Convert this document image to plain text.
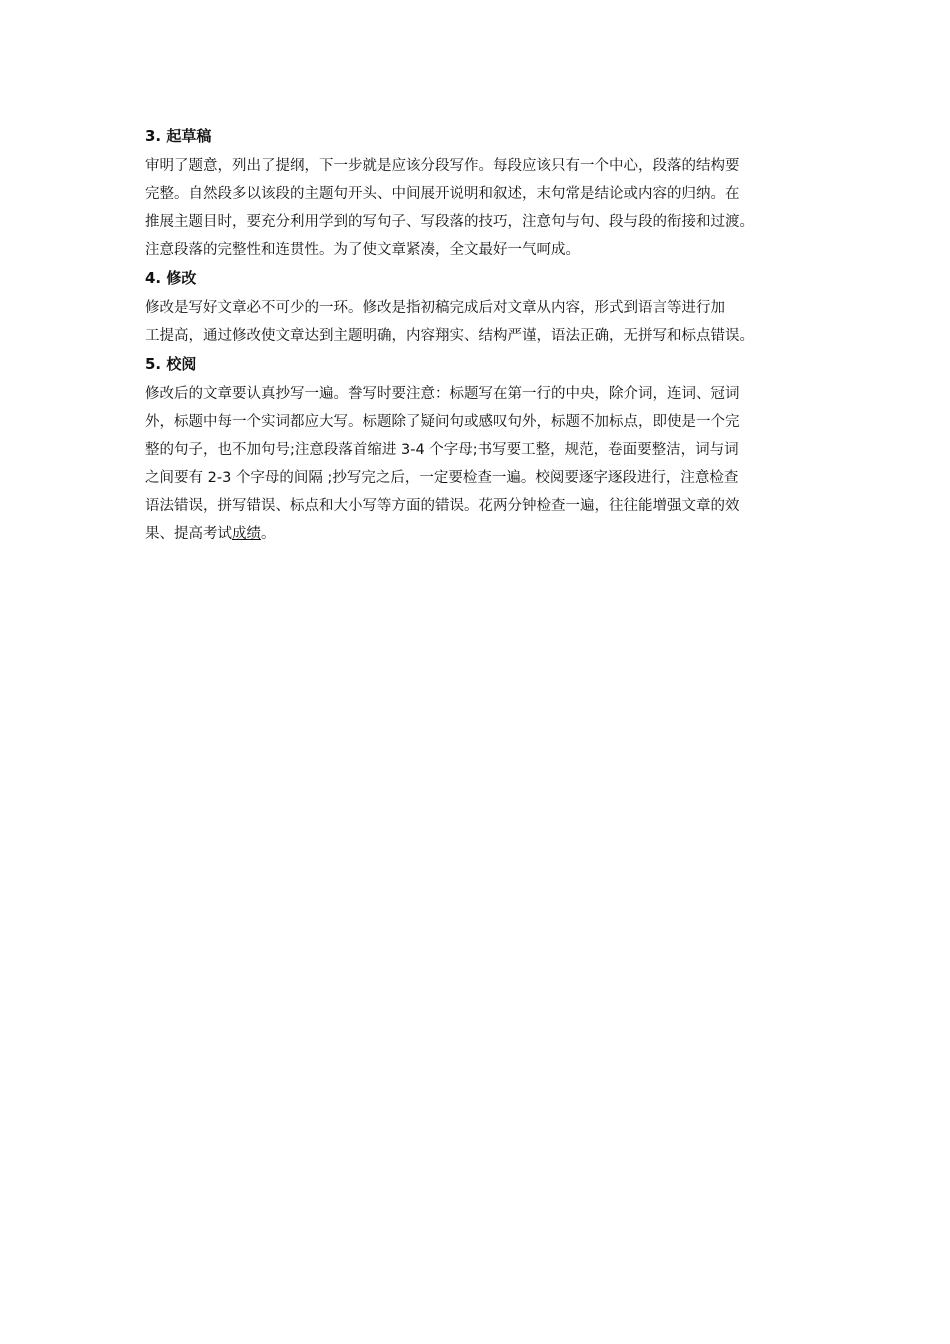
3. 起草稿
审明了题意，列出了提纲，下一步就是应该分段写作。每段应该只有一个中心，段落的结构要
完整。自然段多以该段的主题句开头、中间展开说明和叙述，末句常是结论或内容的归纳。在
推展主题目时，要充分利用学到的写句子、写段落的技巧，注意句与句、段与段的衔接和过渡。
注意段落的完整性和连贯性。为了使文章紧凑，全文最好一气呵成。
4. 修改
修改是写好文章必不可少的一环。修改是指初稿完成后对文章从内容，形式到语言等进行加
工提高，通过修改使文章达到主题明确，内容翔实、结构严谨，语法正确，无拼写和标点错误。
5. 校阅
修改后的文章要认真抄写一遍。誊写时要注意：标题写在第一行的中央，除介词，连词、冠词
外，标题中每一个实词都应大写。标题除了疑问句或感叹句外，标题不加标点，即使是一个完
整的句子，也不加句号;注意段落首缩进 3-4 个字母;书写要工整，规范，卷面要整洁，词与词
之间要有 2-3 个字母的间隔 ;抄写完之后，一定要检查一遍。校阅要逐字逐段进行，注意检查
语法错误，拼写错误、标点和大小写等方面的错误。花两分钟检查一遍，往往能增强文章的效
果、提高考试成绩。
